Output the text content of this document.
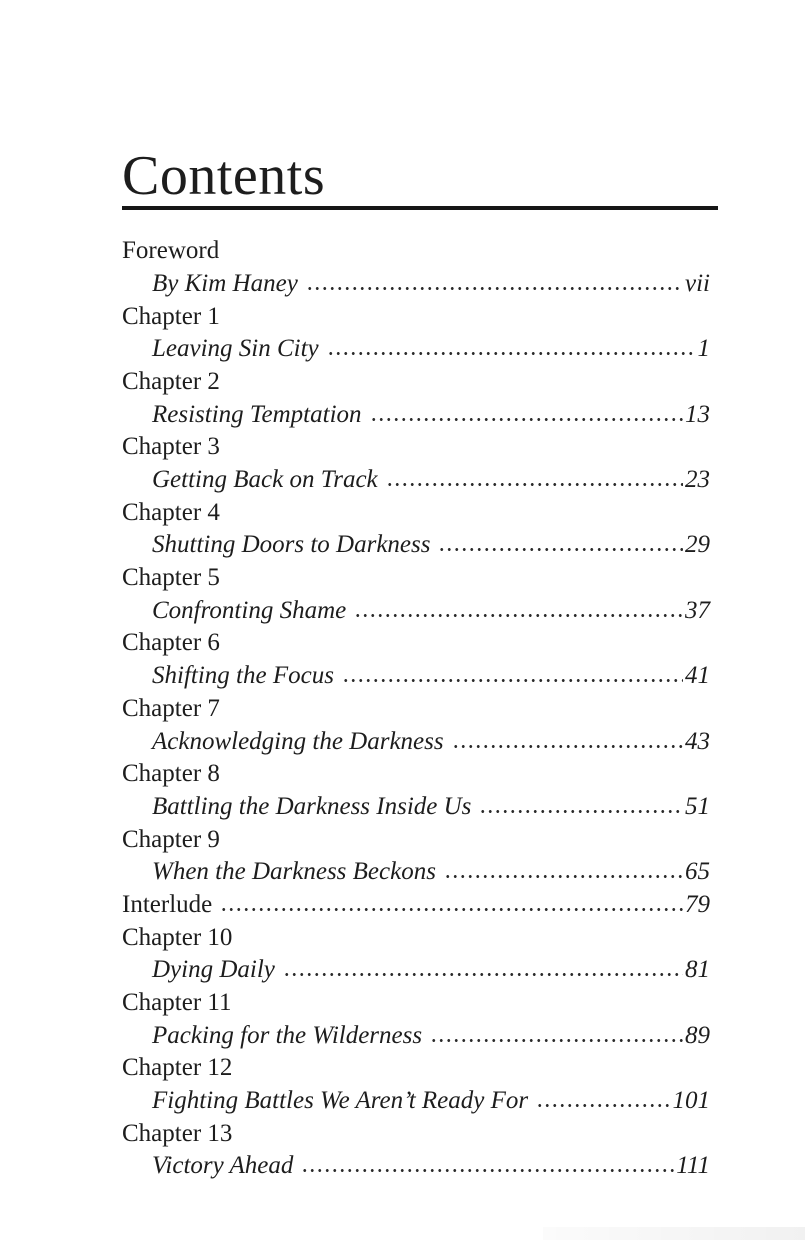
Contents
Foreword
By Kim Haney	vii
Chapter 1
Leaving Sin City	1
Chapter 2
Resisting Temptation	13
Chapter 3
Getting Back on Track	23
Chapter 4
Shutting Doors to Darkness	29
Chapter 5
Confronting Shame	37
Chapter 6
Shifting the Focus	41
Chapter 7
Acknowledging the Darkness	43
Chapter 8
Battling the Darkness Inside Us	51
Chapter 9
When the Darkness Beckons	65
Interlude	79
Chapter 10
Dying Daily	81
Chapter 11
Packing for the Wilderness	89
Chapter 12
Fighting Battles We Aren’t Ready For	101
Chapter 13
Victory Ahead	111
